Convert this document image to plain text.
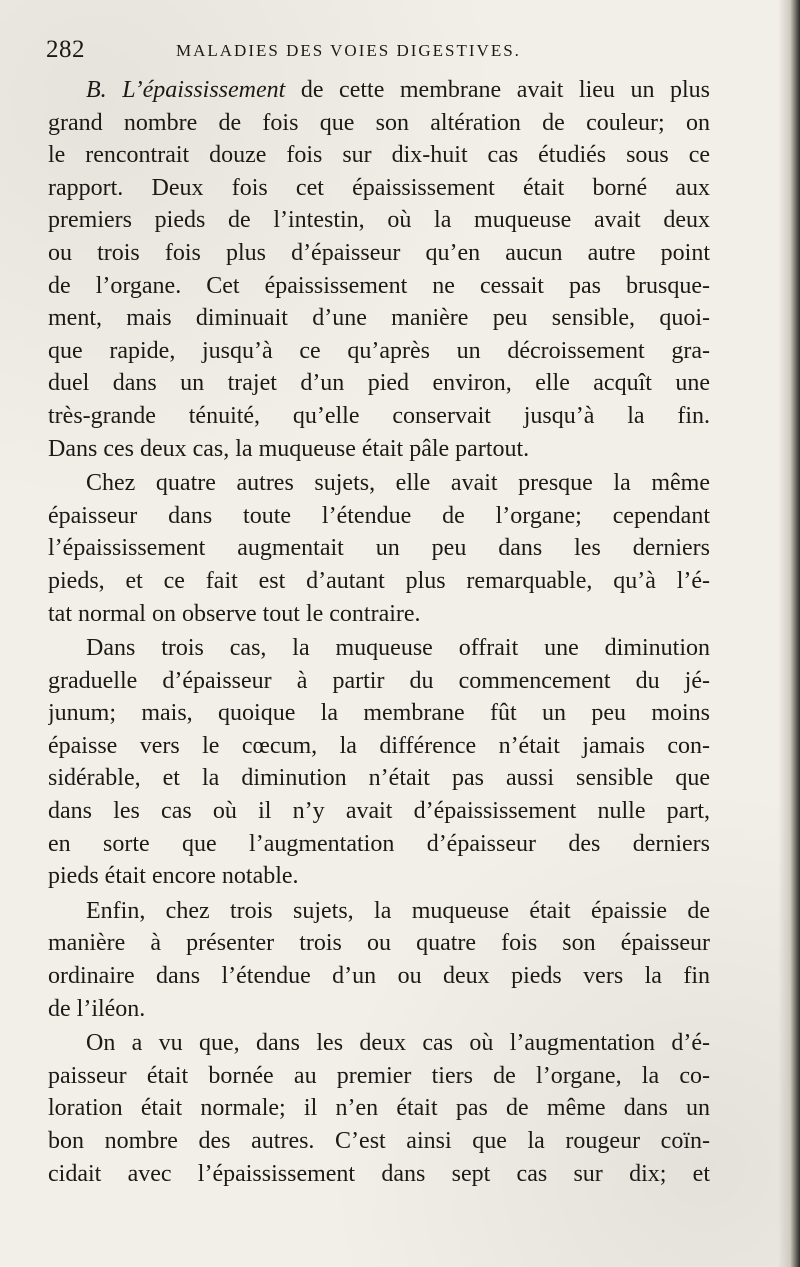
282	MALADIES DES VOIES DIGESTIVES.
B. L’épaississement de cette membrane avait lieu un plus
grand nombre de fois que son altération de couleur; on
le rencontrait douze fois sur dix-huit cas étudiés sous ce
rapport. Deux fois cet épaississement était borné aux
premiers pieds de l’intestin, où la muqueuse avait deux
ou trois fois plus d’épaisseur qu’en aucun autre point
de l’organe. Cet épaississement ne cessait pas brusque-
ment, mais diminuait d’une manière peu sensible, quoi-
que rapide, jusqu’à ce qu’après un décroissement gra-
duel dans un trajet d’un pied environ, elle acquît une
très-grande ténuité, qu’elle conservait jusqu’à la fin.
Dans ces deux cas, la muqueuse était pâle partout.
Chez quatre autres sujets, elle avait presque la même
épaisseur dans toute l’étendue de l’organe; cependant
l’épaississement augmentait un peu dans les derniers
pieds, et ce fait est d’autant plus remarquable, qu’à l’é-
tat normal on observe tout le contraire.
Dans trois cas, la muqueuse offrait une diminution
graduelle d’épaisseur à partir du commencement du jé-
junum; mais, quoique la membrane fût un peu moins
épaisse vers le cœcum, la différence n’était jamais con-
sidérable, et la diminution n’était pas aussi sensible que
dans les cas où il n’y avait d’épaississement nulle part,
en sorte que l’augmentation d’épaisseur des derniers
pieds était encore notable.
Enfin, chez trois sujets, la muqueuse était épaissie de
manière à présenter trois ou quatre fois son épaisseur
ordinaire dans l’étendue d’un ou deux pieds vers la fin
de l’iléon.
On a vu que, dans les deux cas où l’augmentation d’é-
paisseur était bornée au premier tiers de l’organe, la co-
loration était normale; il n’en était pas de même dans un
bon nombre des autres. C’est ainsi que la rougeur coïn-
cidait avec l’épaississement dans sept cas sur dix; et
